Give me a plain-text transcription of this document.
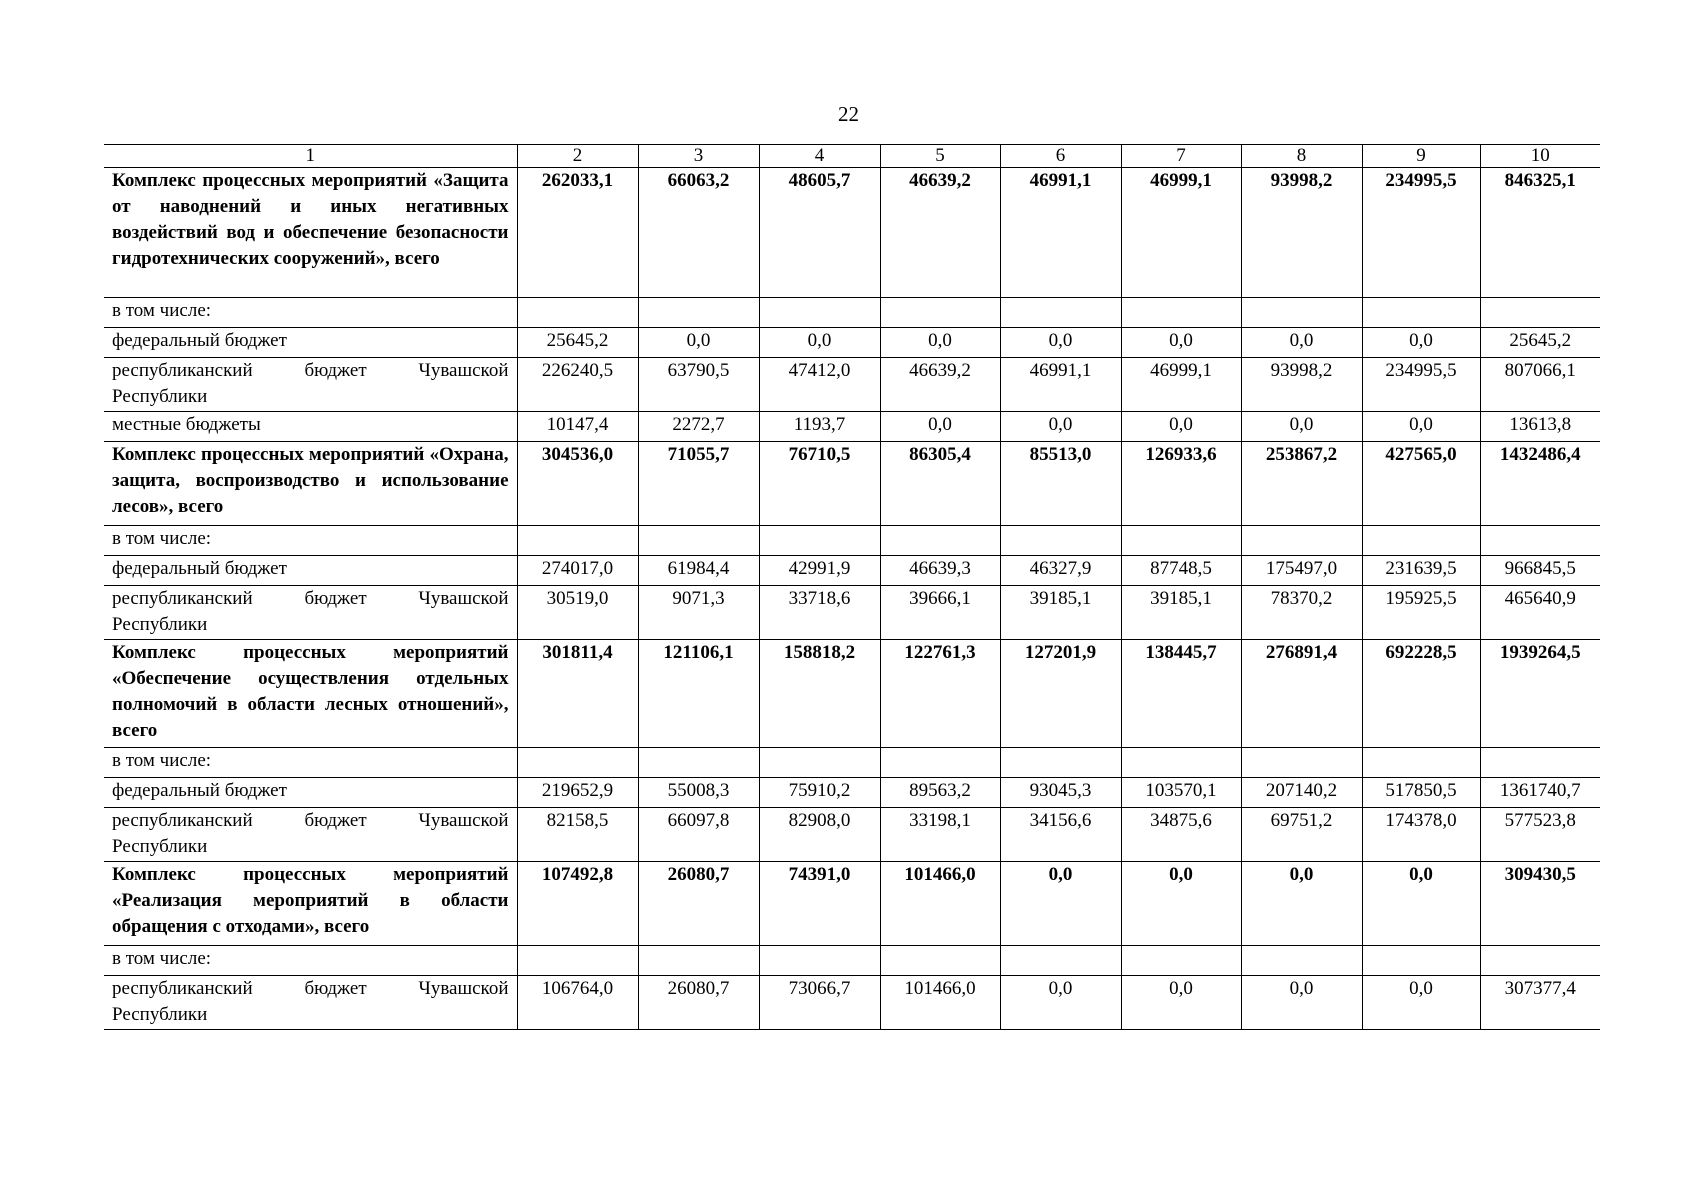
22
1	2	3	4	5	6	7	8	9	10
Комплекс процессных мероприятий «Защита от наводнений и иных негативных воздействий вод и обеспечение безопасности гидротехнических сооружений», всего	262033,1	66063,2	48605,7	46639,2	46991,1	46999,1	93998,2	234995,5	846325,1
в том числе:									
федеральный бюджет	25645,2	0,0	0,0	0,0	0,0	0,0	0,0	0,0	25645,2
республиканский бюджет Чувашской Республики	226240,5	63790,5	47412,0	46639,2	46991,1	46999,1	93998,2	234995,5	807066,1
местные бюджеты	10147,4	2272,7	1193,7	0,0	0,0	0,0	0,0	0,0	13613,8
Комплекс процессных мероприятий «Охрана, защита, воспроизводство и использование лесов», всего	304536,0	71055,7	76710,5	86305,4	85513,0	126933,6	253867,2	427565,0	1432486,4
в том числе:									
федеральный бюджет	274017,0	61984,4	42991,9	46639,3	46327,9	87748,5	175497,0	231639,5	966845,5
республиканский бюджет Чувашской Республики	30519,0	9071,3	33718,6	39666,1	39185,1	39185,1	78370,2	195925,5	465640,9
Комплекс процессных мероприятий «Обеспечение осуществления отдельных полномочий в области лесных отношений», всего	301811,4	121106,1	158818,2	122761,3	127201,9	138445,7	276891,4	692228,5	1939264,5
в том числе:									
федеральный бюджет	219652,9	55008,3	75910,2	89563,2	93045,3	103570,1	207140,2	517850,5	1361740,7
республиканский бюджет Чувашской Республики	82158,5	66097,8	82908,0	33198,1	34156,6	34875,6	69751,2	174378,0	577523,8
Комплекс процессных мероприятий «Реализация мероприятий в области обращения с отходами», всего	107492,8	26080,7	74391,0	101466,0	0,0	0,0	0,0	0,0	309430,5
в том числе:									
республиканский бюджет Чувашской Республики	106764,0	26080,7	73066,7	101466,0	0,0	0,0	0,0	0,0	307377,4
